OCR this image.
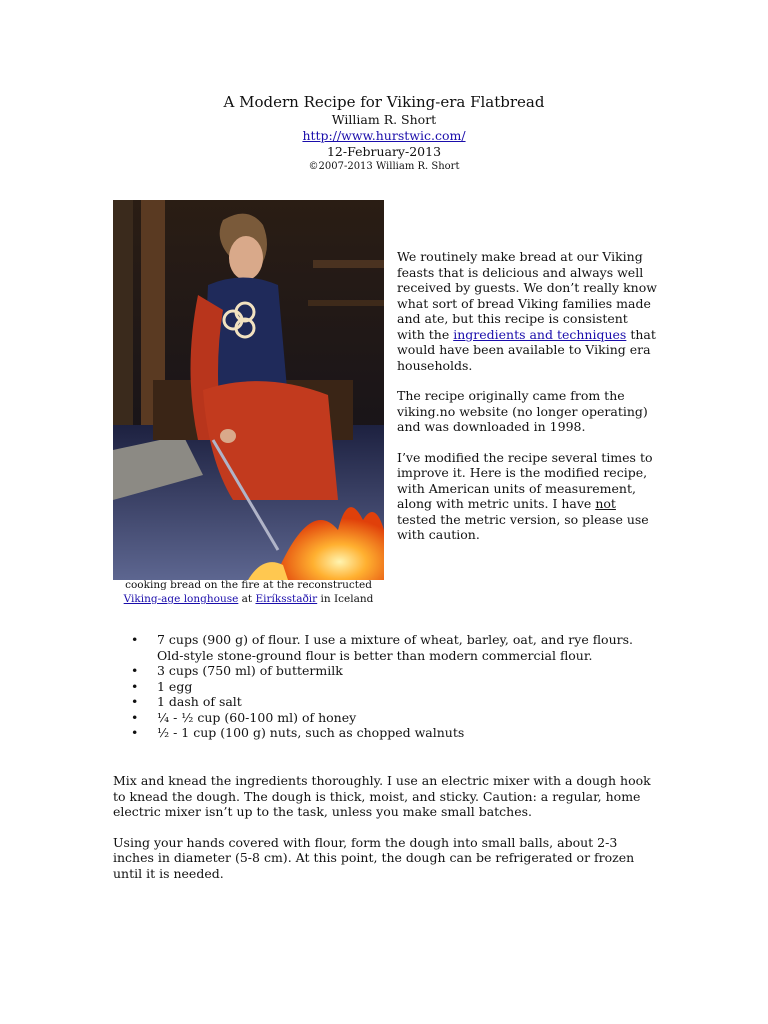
A Modern Recipe for Viking-era Flatbread
William R. Short
http://www.hurstwic.com/
12-February-2013
©2007-2013 William R. Short
cooking bread on the fire at the reconstructed
Viking-age longhouse at Eiríksstaðir in Iceland

We routinely make bread at our Viking feasts that is delicious and always well received by guests. We don’t really know what sort of bread Viking families made and ate, but this recipe is consistent with the ingredients and techniques that would have been available to Viking era households.

The recipe originally came from the viking.no website (no longer operating) and was downloaded in 1998.

I’ve modified the recipe several times to improve it. Here is the modified recipe, with American units of measurement, along with metric units. I have not tested the metric version, so please use with caution.

• 7 cups (900 g) of flour. I use a mixture of wheat, barley, oat, and rye flours. Old-style stone-ground flour is better than modern commercial flour.
• 3 cups (750 ml) of buttermilk
• 1 egg
• 1 dash of salt
• ¼ - ½ cup (60-100 ml) of honey
• ½ - 1 cup (100 g) nuts, such as chopped walnuts

Mix and knead the ingredients thoroughly. I use an electric mixer with a dough hook to knead the dough. The dough is thick, moist, and sticky. Caution: a regular, home electric mixer isn’t up to the task, unless you make small batches.

Using your hands covered with flour, form the dough into small balls, about 2-3 inches in diameter (5-8 cm). At this point, the dough can be refrigerated or frozen until it is needed.
